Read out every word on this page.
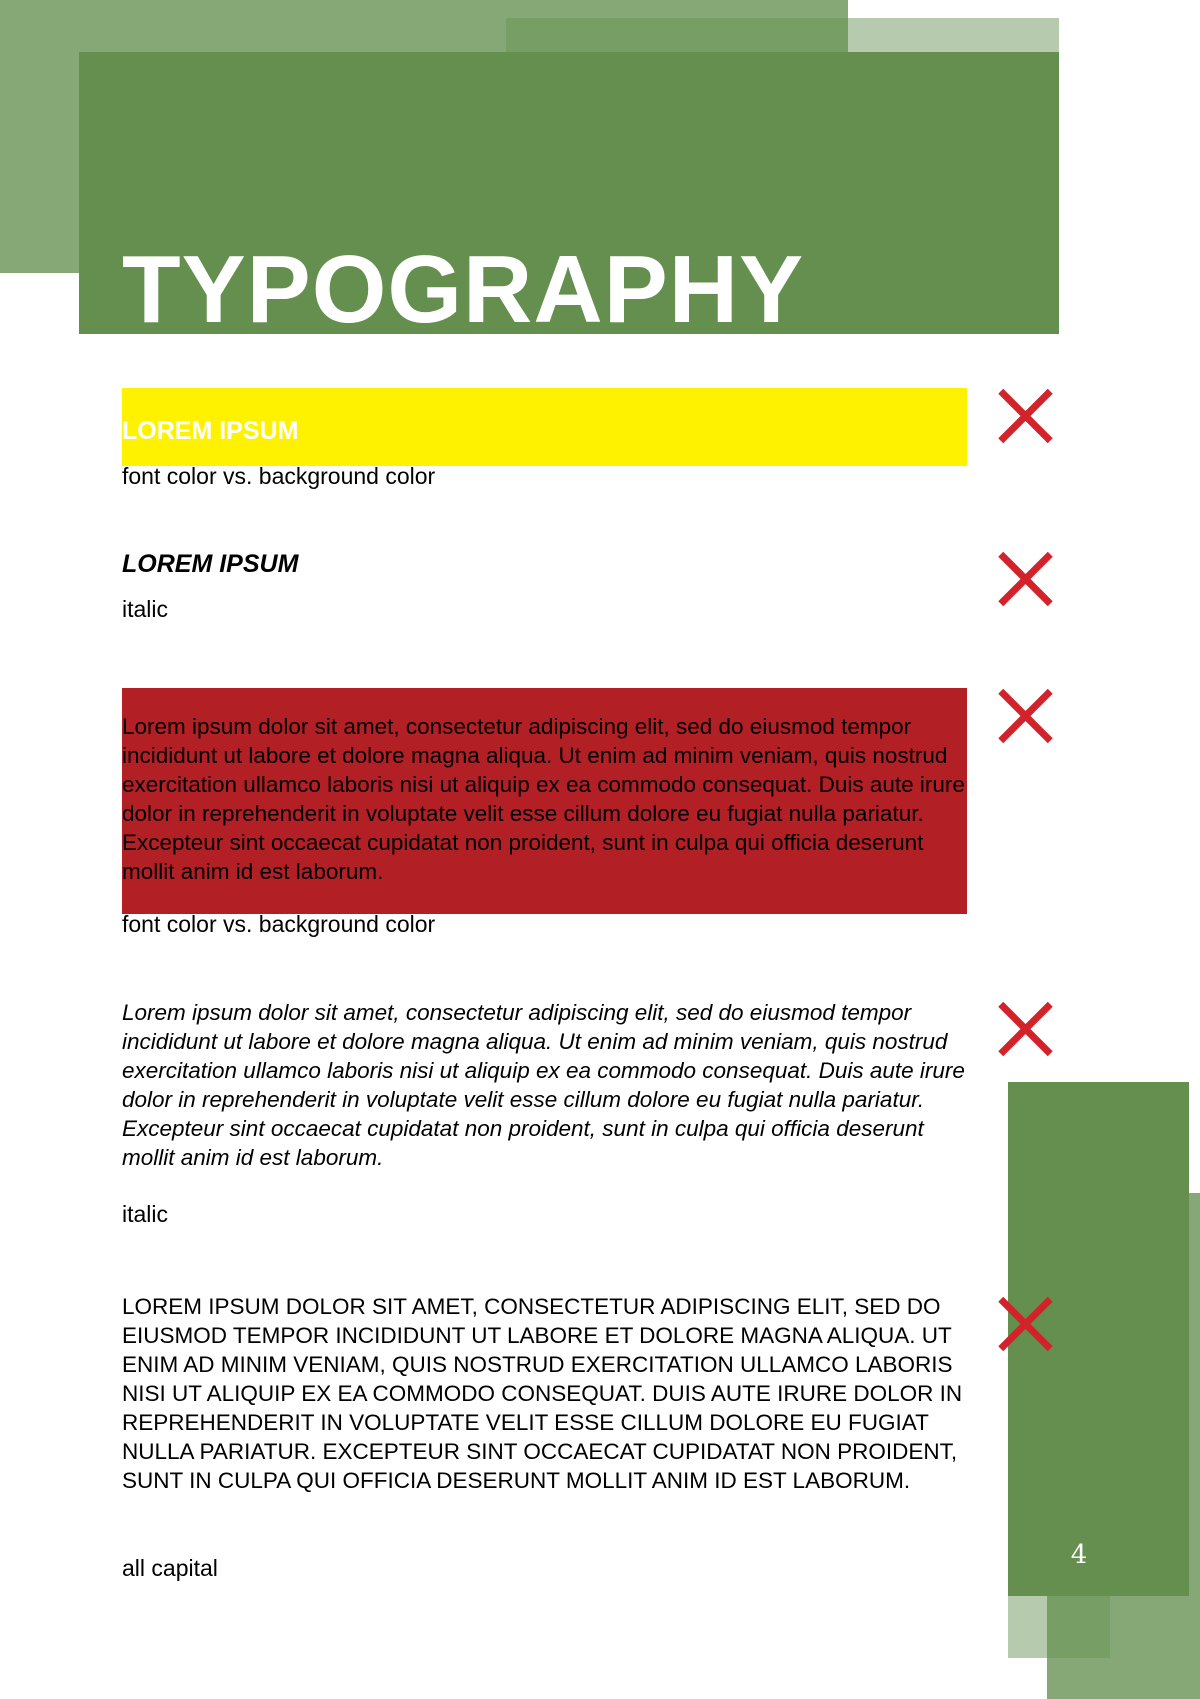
TYPOGRAPHY
4
LOREM IPSUM
font color vs. background color
LOREM IPSUM
italic

Lorem ipsum dolor sit amet, consectetur adipiscing elit, sed do eiusmod tempor incididunt ut labore et dolore magna aliqua. Ut enim ad minim veniam, quis nostrud exercitation ullamco laboris nisi ut aliquip ex ea commodo consequat. Duis aute irure dolor in reprehenderit in voluptate velit esse cillum dolore eu fugiat nulla pariatur. Excepteur sint occaecat cupidatat non proident, sunt in culpa qui officia deserunt mollit anim id est laborum.

font color vs. background color

Lorem ipsum dolor sit amet, consectetur adipiscing elit, sed do eiusmod tempor incididunt ut labore et dolore magna aliqua. Ut enim ad minim veniam, quis nostrud exercitation ullamco laboris nisi ut aliquip ex ea commodo consequat. Duis aute irure dolor in reprehenderit in voluptate velit esse cillum dolore eu fugiat nulla pariatur. Excepteur sint occaecat cupidatat non proident, sunt in culpa qui officia deserunt mollit anim id est laborum.

italic

LOREM IPSUM DOLOR SIT AMET, CONSECTETUR ADIPISCING ELIT, SED DO EIUSMOD TEMPOR INCIDIDUNT UT LABORE ET DOLORE MAGNA ALIQUA. UT ENIM AD MINIM VENIAM, QUIS NOSTRUD EXERCITATION ULLAMCO LABORIS NISI UT ALIQUIP EX EA COMMODO CONSEQUAT. DUIS AUTE IRURE DOLOR IN REPREHENDERIT IN VOLUPTATE VELIT ESSE CILLUM DOLORE EU FUGIAT NULLA PARIATUR. EXCEPTEUR SINT OCCAECAT CUPIDATAT NON PROIDENT, SUNT IN CULPA QUI OFFICIA DESERUNT MOLLIT ANIM ID EST LABORUM.

all capital
